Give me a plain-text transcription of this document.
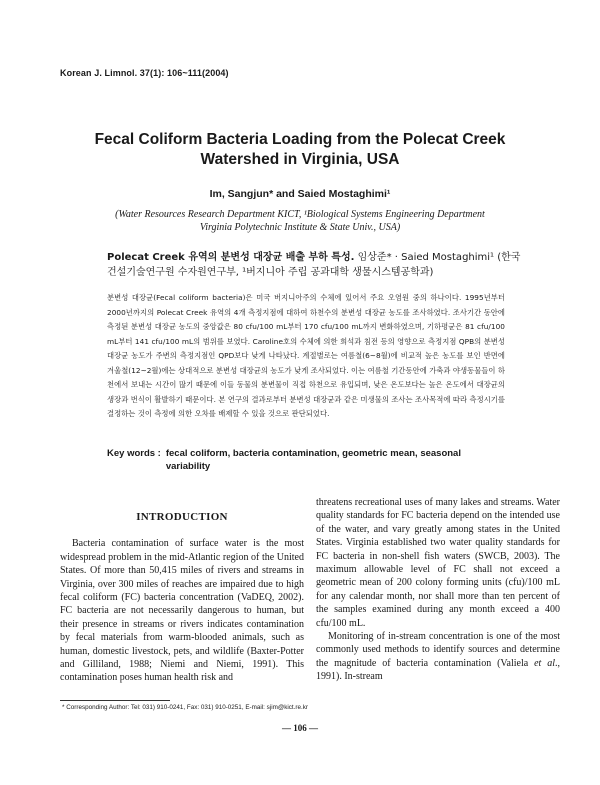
Korean J. Limnol. 37(1): 106~111(2004)
Fecal Coliform Bacteria Loading from the Polecat Creek
Watershed in Virginia, USA
Im, Sangjun* and Saied Mostaghimi¹
(Water Resources Research Department KICT, ¹Biological Systems Engineering Department
Virginia Polytechnic Institute & State Univ., USA)
Polecat Creek 유역의 분변성 대장균 배출 부하 특성. 임상준* · Saied Mostaghimi¹ (한국건설기술연구원 수자원연구부, ¹버지니아 주립 공과대학 생물시스템공학과)
분변성 대장균(Fecal coliform bacteria)은 미국 버지니아주의 수체에 있어서 주요 오염원 중의 하나이다. 1995년부터 2000년까지의 Polecat Creek 유역의 4개 측정지점에 대하여 하천수의 분변성 대장균 농도를 조사하였다. 조사기간 동안에 측정된 분변성 대장균 농도의 중앙값은 80 cfu/100 mL부터 170 cfu/100 mL까지 변화하였으며, 기하평균은 81 cfu/100 mL부터 141 cfu/100 mL의 범위를 보였다. Caroline호의 수체에 의한 희석과 침전 등의 영향으로 측정지점 QPB의 분변성 대장균 농도가 주변의 측정지점인 QPD보다 낮게 나타났다. 계절별로는 여름철(6~8월)에 비교적 높은 농도를 보인 반면에 겨울철(12~2월)에는 상대적으로 분변성 대장균의 농도가 낮게 조사되었다. 이는 여름철 기간동안에 가축과 야생동물들이 하천에서 보내는 시간이 많기 때문에 이들 동물의 분변물이 직접 하천으로 유입되며, 낮은 온도보다는 높은 온도에서 대장균의 생장과 번식이 활발하기 때문이다. 본 연구의 결과로부터 분변성 대장균과 같은 미생물의 조사는 조사목적에 따라 측정시기를 결정하는 것이 측정에 의한 오차를 배제할 수 있을 것으로 판단되었다.
Key words : fecal coliform, bacteria contamination, geometric mean, seasonal variability
INTRODUCTION

Bacteria contamination of surface water is the most widespread problem in the mid-Atlantic region of the United States. Of more than 50,415 miles of rivers and streams in Virginia, over 300 miles of reaches are impaired due to high fecal coliform (FC) bacteria concentration (VaDEQ, 2002). FC bacteria are not necessarily dangerous to human, but their presence in streams or rivers indicates contamination by fecal materials from warm-blooded animals, such as human, domestic livestock, pets, and wildlife (Baxter-Potter and Gilliland, 1988; Niemi and Niemi, 1991). This contamination poses human health risk and

threatens recreational uses of many lakes and streams. Water quality standards for FC bacteria depend on the intended use of the water, and vary greatly among states in the United States. Virginia established two water quality standards for FC bacteria in non-shell fish waters (SWCB, 2003). The maximum allowable level of FC shall not exceed a geometric mean of 200 colony forming units (cfu)/100 mL for any calendar month, nor shall more than ten percent of the samples examined during any month exceed a 400 cfu/100 mL.

Monitoring of in-stream concentration is one of the most commonly used methods to identify sources and determine the magnitude of bacteria contamination (Valiela et al., 1991). In-stream

* Corresponding Author: Tel: 031) 910-0241, Fax: 031) 910-0251, E-mail: sjim@kict.re.kr
— 106 —
